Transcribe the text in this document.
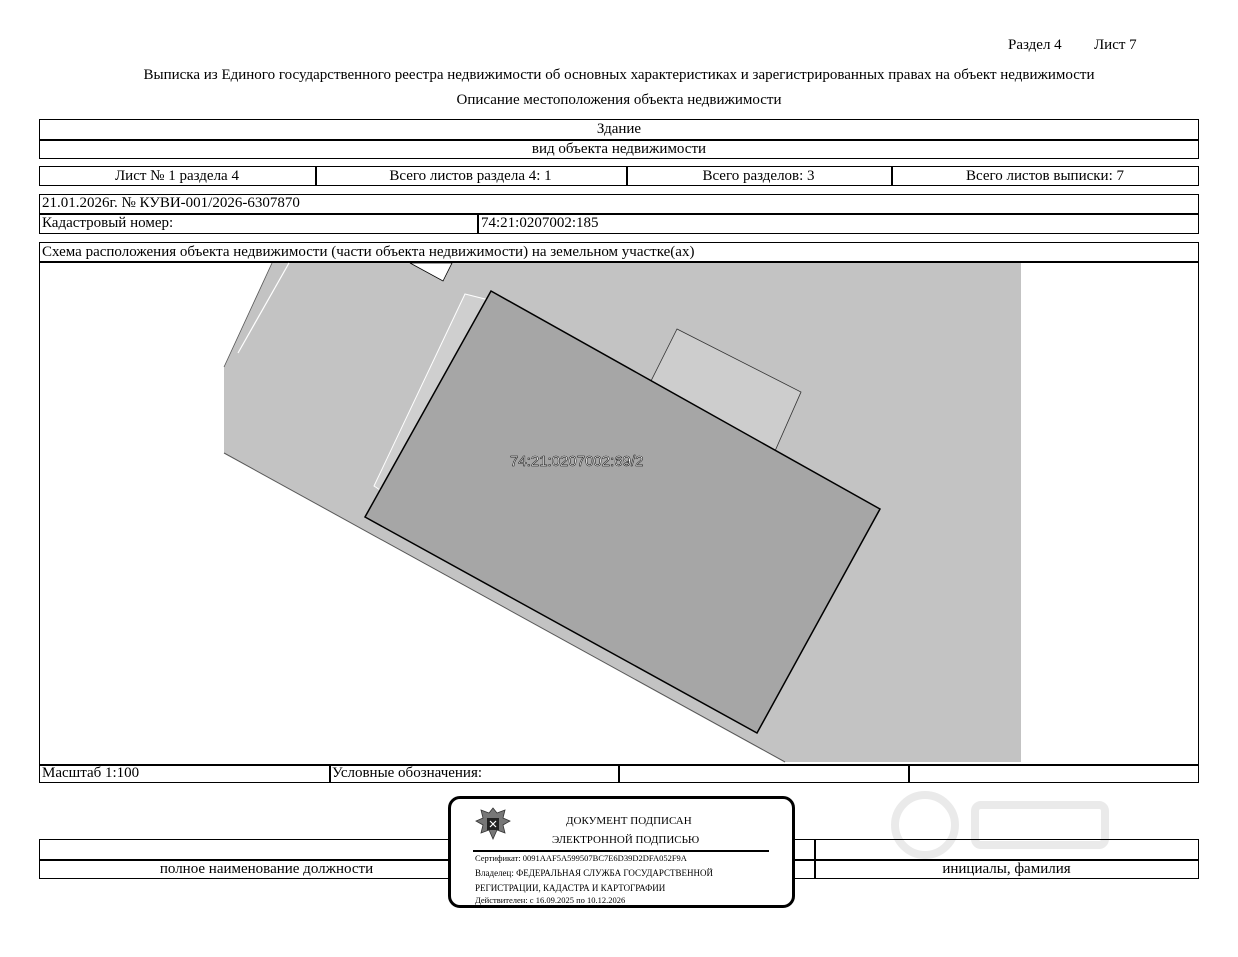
Раздел 4 Лист 7
Выписка из Единого государственного реестра недвижимости об основных характеристиках и зарегистрированных правах на объект недвижимости
Описание местоположения объекта недвижимости
Здание
вид объекта недвижимости
Лист № 1 раздела 4	Всего листов раздела 4: 1	Всего разделов: 3	Всего листов выписки: 7
21.01.2026г. № КУВИ-001/2026-6307870
Кадастровый номер:	74:21:0207002:185
Схема расположения объекта недвижимости (части объекта недвижимости) на земельном участке(ах)
74:21:0207002:69/2
Масштаб 1:100	Условные обозначения:
полное наименование должности	инициалы, фамилия
ДОКУМЕНТ ПОДПИСАН
ЭЛЕКТРОННОЙ ПОДПИСЬЮ
Сертификат: 0091AAF5A599507BC7E6D39D2DFA052F9A
Владелец: ФЕДЕРАЛЬНАЯ СЛУЖБА ГОСУДАРСТВЕННОЙ
РЕГИСТРАЦИИ, КАДАСТРА И КАРТОГРАФИИ
Действителен: с 16.09.2025 по 10.12.2026
